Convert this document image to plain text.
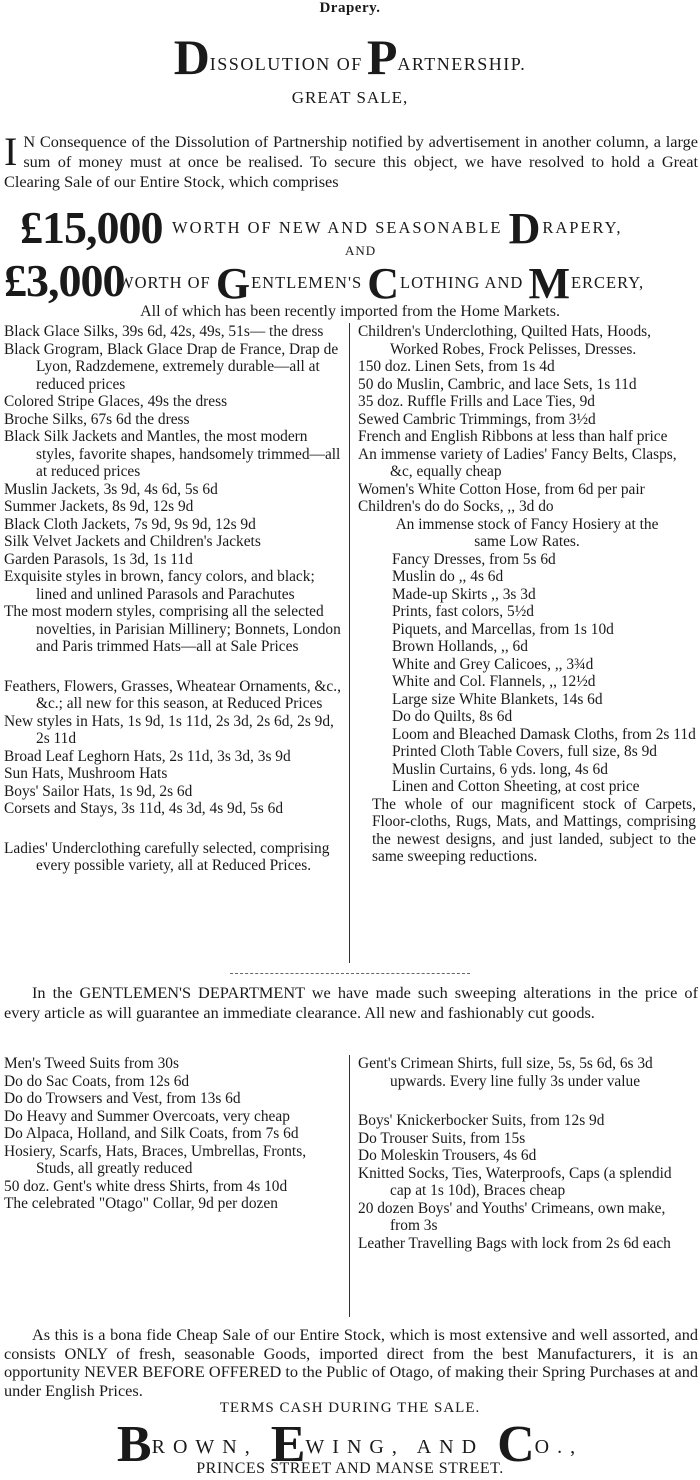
Drapery.
DISSOLUTION OF PARTNERSHIP.
GREAT SALE,
I N Consequence of the Dissolution of Partnership notified by advertisement in another column, a large sum of money must at once be realised. To secure this object, we have resolved to hold a Great Clearing Sale of our Entire Stock, which comprises
£15,000 WORTH OF NEW AND SEASONABLE DRAPERY,
AND
£3,000
WORTH OF GENTLEMEN'S CLOTHING AND MERCERY,
All of which has been recently imported from the Home Markets.
Black Glace Silks, 39s 6d, 42s, 49s, 51s— the dress
Black Grogram, Black Glace Drap de France, Drap de Lyon, Radzdemene, extremely durable—all at reduced prices
Colored Stripe Glaces, 49s the dress
Broche Silks, 67s 6d the dress
Black Silk Jackets and Mantles, the most modern styles, favorite shapes, handsomely trimmed—all at reduced prices
Muslin Jackets, 3s 9d, 4s 6d, 5s 6d
Summer Jackets, 8s 9d, 12s 9d
Black Cloth Jackets, 7s 9d, 9s 9d, 12s 9d
Silk Velvet Jackets and Children's Jackets
Garden Parasols, 1s 3d, 1s 11d
Exquisite styles in brown, fancy colors, and black; lined and unlined Parasols and Parachutes
The most modern styles, comprising all the selected novelties, in Parisian Millinery; Bonnets, London and Paris trimmed Hats—all at Sale Prices
Feathers, Flowers, Grasses, Wheatear Ornaments, &c., &c.; all new for this season, at Reduced Prices
New styles in Hats, 1s 9d, 1s 11d, 2s 3d, 2s 6d, 2s 9d, 2s 11d
Broad Leaf Leghorn Hats, 2s 11d, 3s 3d, 3s 9d
Sun Hats, Mushroom Hats
Boys' Sailor Hats, 1s 9d, 2s 6d
Corsets and Stays, 3s 11d, 4s 3d, 4s 9d, 5s 6d
Ladies' Underclothing carefully selected, comprising every possible variety, all at Reduced Prices.
Children's Underclothing, Quilted Hats, Hoods, Worked Robes, Frock Pelisses, Dresses.
150 doz. Linen Sets, from 1s 4d
50 do Muslin, Cambric, and lace Sets, 1s 11d
35 doz. Ruffle Frills and Lace Ties, 9d
Sewed Cambric Trimmings, from 3½d
French and English Ribbons at less than half price
An immense variety of Ladies' Fancy Belts, Clasps, &c, equally cheap
Women's White Cotton Hose, from 6d per pair
Children's do do Socks, ,, 3d do
An immense stock of Fancy Hosiery at the same Low Rates.
Fancy Dresses, from 5s 6d
Muslin do ,, 4s 6d
Made-up Skirts ,, 3s 3d
Prints, fast colors, 5½d
Piquets, and Marcellas, from 1s 10d
Brown Hollands, ,, 6d
White and Grey Calicoes, ,, 3¾d
White and Col. Flannels, ,, 12½d
Large size White Blankets, 14s 6d
Do do Quilts, 8s 6d
Loom and Bleached Damask Cloths, from 2s 11d
Printed Cloth Table Covers, full size, 8s 9d
Muslin Curtains, 6 yds. long, 4s 6d
Linen and Cotton Sheeting, at cost price
The whole of our magnificent stock of Carpets, Floor-cloths, Rugs, Mats, and Mattings, comprising the newest designs, and just landed, subject to the same sweeping reductions.
In the GENTLEMEN'S DEPARTMENT we have made such sweeping alterations in the price of every article as will guarantee an immediate clearance. All new and fashionably cut goods.
Men's Tweed Suits from 30s
Do do Sac Coats, from 12s 6d
Do do Trowsers and Vest, from 13s 6d
Do Heavy and Summer Overcoats, very cheap
Do Alpaca, Holland, and Silk Coats, from 7s 6d
Hosiery, Scarfs, Hats, Braces, Umbrellas, Fronts, Studs, all greatly reduced
50 doz. Gent's white dress Shirts, from 4s 10d
The celebrated "Otago" Collar, 9d per dozen
Gent's Crimean Shirts, full size, 5s, 5s 6d, 6s 3d upwards. Every line fully 3s under value
Boys' Knickerbocker Suits, from 12s 9d
Do Trouser Suits, from 15s
Do Moleskin Trousers, 4s 6d
Knitted Socks, Ties, Waterproofs, Caps (a splendid cap at 1s 10d), Braces cheap
20 dozen Boys' and Youths' Crimeans, own make, from 3s
Leather Travelling Bags with lock from 2s 6d each
As this is a bona fide Cheap Sale of our Entire Stock, which is most extensive and well assorted, and consists ONLY of fresh, seasonable Goods, imported direct from the best Manufacturers, it is an opportunity NEVER BEFORE OFFERED to the Public of Otago, of making their Spring Purchases at and under English Prices.
TERMS CASH DURING THE SALE.
BROWN, EWING, AND CO.,
PRINCES STREET AND MANSE STREET.
